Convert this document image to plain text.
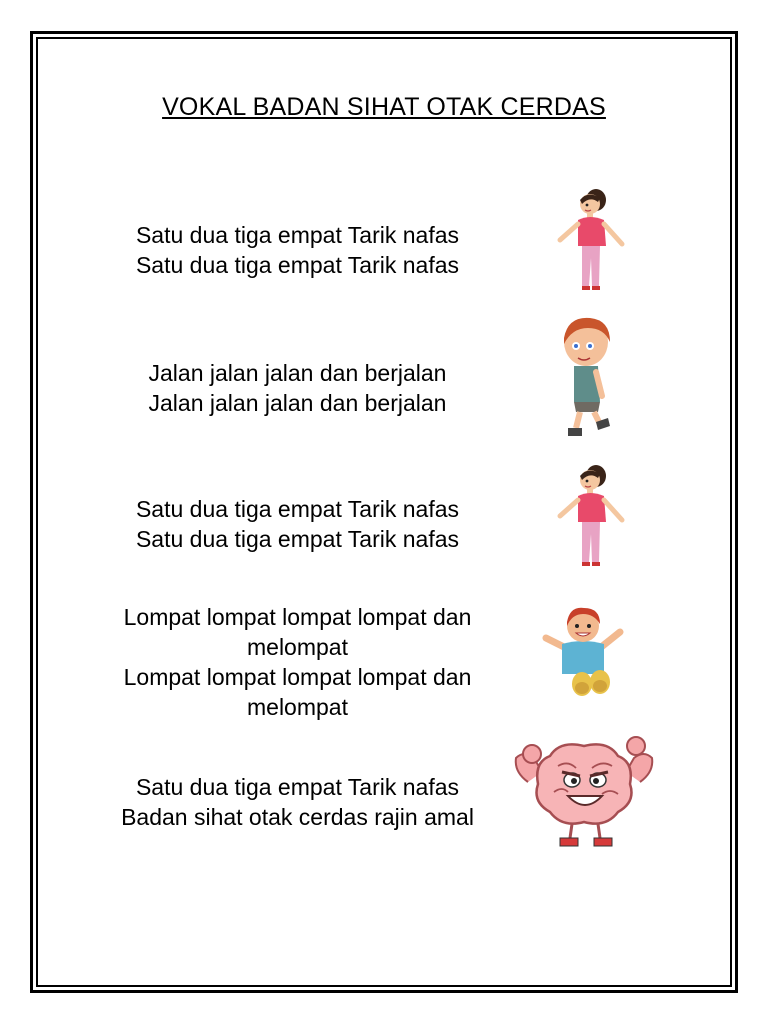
VOKAL BADAN SIHAT OTAK CERDAS
Satu dua tiga empat Tarik nafas
Satu dua tiga empat Tarik nafas
Jalan jalan jalan dan berjalan
Jalan jalan jalan dan berjalan
Satu dua tiga empat Tarik nafas
Satu dua tiga empat Tarik nafas
Lompat lompat lompat lompat dan melompat
Lompat lompat lompat lompat dan melompat
Satu dua tiga empat Tarik nafas
Badan sihat otak cerdas rajin amal
